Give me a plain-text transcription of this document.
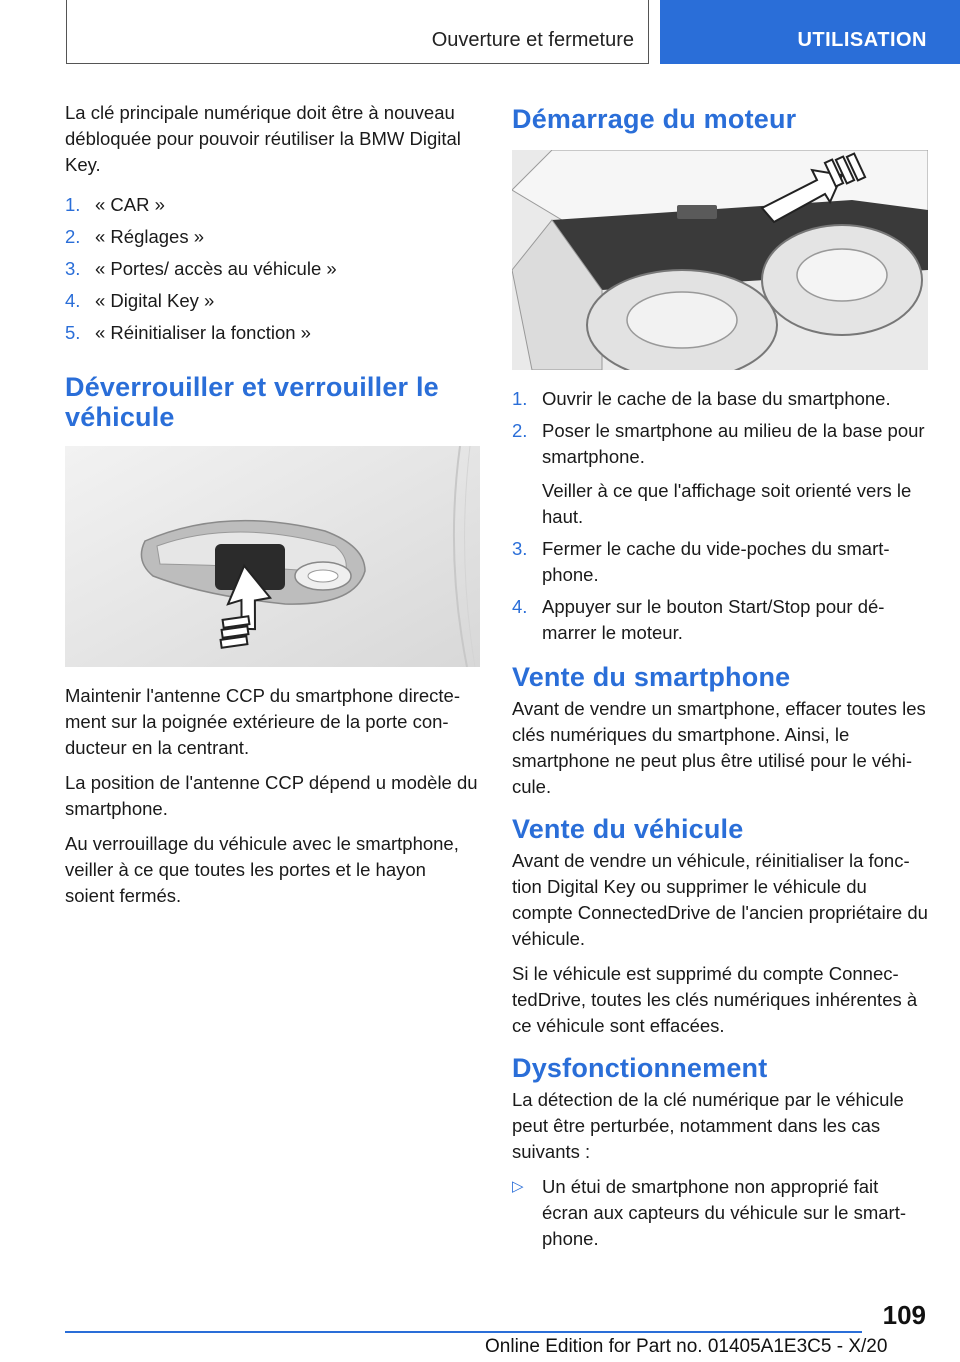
Ouverture et fermeture	UTILISATION

La clé principale numérique doit être à nouveau débloquée pour pouvoir réutiliser la BMW Digital Key.

1. « CAR »
2. « Réglages »
3. « Portes/ accès au véhicule »
4. « Digital Key »
5. « Réinitialiser la fonction »
Déverrouiller et verrouiller le véhicule

Maintenir l'antenne CCP du smartphone directe- ment sur la poignée extérieure de la porte con- ducteur en la centrant.

La position de l'antenne CCP dépend u modèle du smartphone.

Au verrouillage du véhicule avec le smartphone, veiller à ce que toutes les portes et le hayon soient fermés.

Démarrage du moteur
1. Ouvrir le cache de la base du smartphone.
2. Poser le smartphone au milieu de la base pour smartphone.
Veiller à ce que l'affichage soit orienté vers le haut.
3. Fermer le cache du vide-poches du smart- phone.
4. Appuyer sur le bouton Start/Stop pour dé- marrer le moteur.
Vente du smartphone

Avant de vendre un smartphone, effacer toutes les clés numériques du smartphone. Ainsi, le smartphone ne peut plus être utilisé pour le véhi- cule.

Vente du véhicule

Avant de vendre un véhicule, réinitialiser la fonc- tion Digital Key ou supprimer le véhicule du compte ConnectedDrive de l'ancien propriétaire du véhicule.

Si le véhicule est supprimé du compte Connec- tedDrive, toutes les clés numériques inhérentes à ce véhicule sont effacées.

Dysfonctionnement

La détection de la clé numérique par le véhicule peut être perturbée, notamment dans les cas suivants :

▷ Un étui de smartphone non approprié fait écran aux capteurs du véhicule sur le smart- phone.
109
Online Edition for Part no. 01405A1E3C5 - X/20
